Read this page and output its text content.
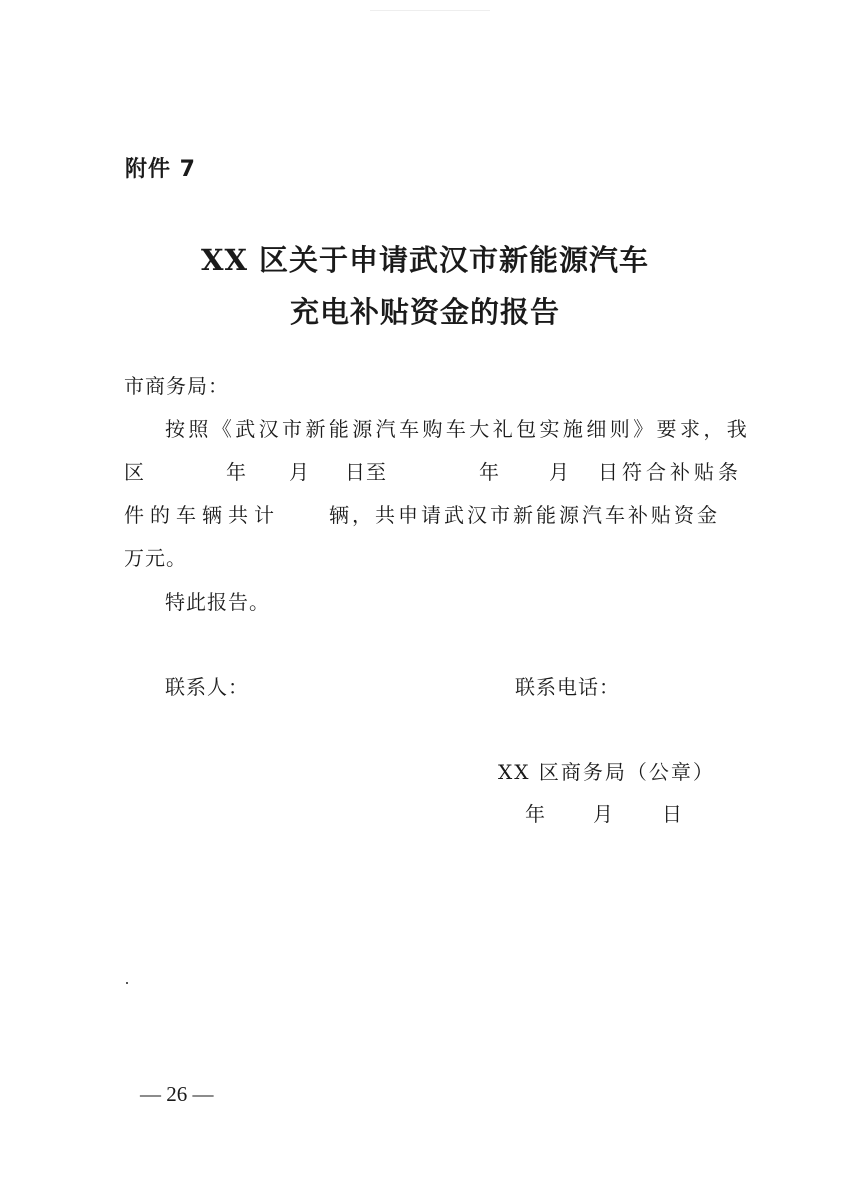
附件 7
XX 区关于申请武汉市新能源汽车
充电补贴资金的报告
市商务局：
按 照 《 武 汉 市 新 能 源 汽 车 购 车 大 礼 包 实 施 细 则 》 要 求 ， 我
区	年 月 日至	年 月 日符合补贴条
件的车辆共计 辆，共申请武汉市新能源汽车补贴资金
万元。
特此报告。
联系人：	联系电话：
XX 区商务局（公章）
年 月 日
— 26 —
